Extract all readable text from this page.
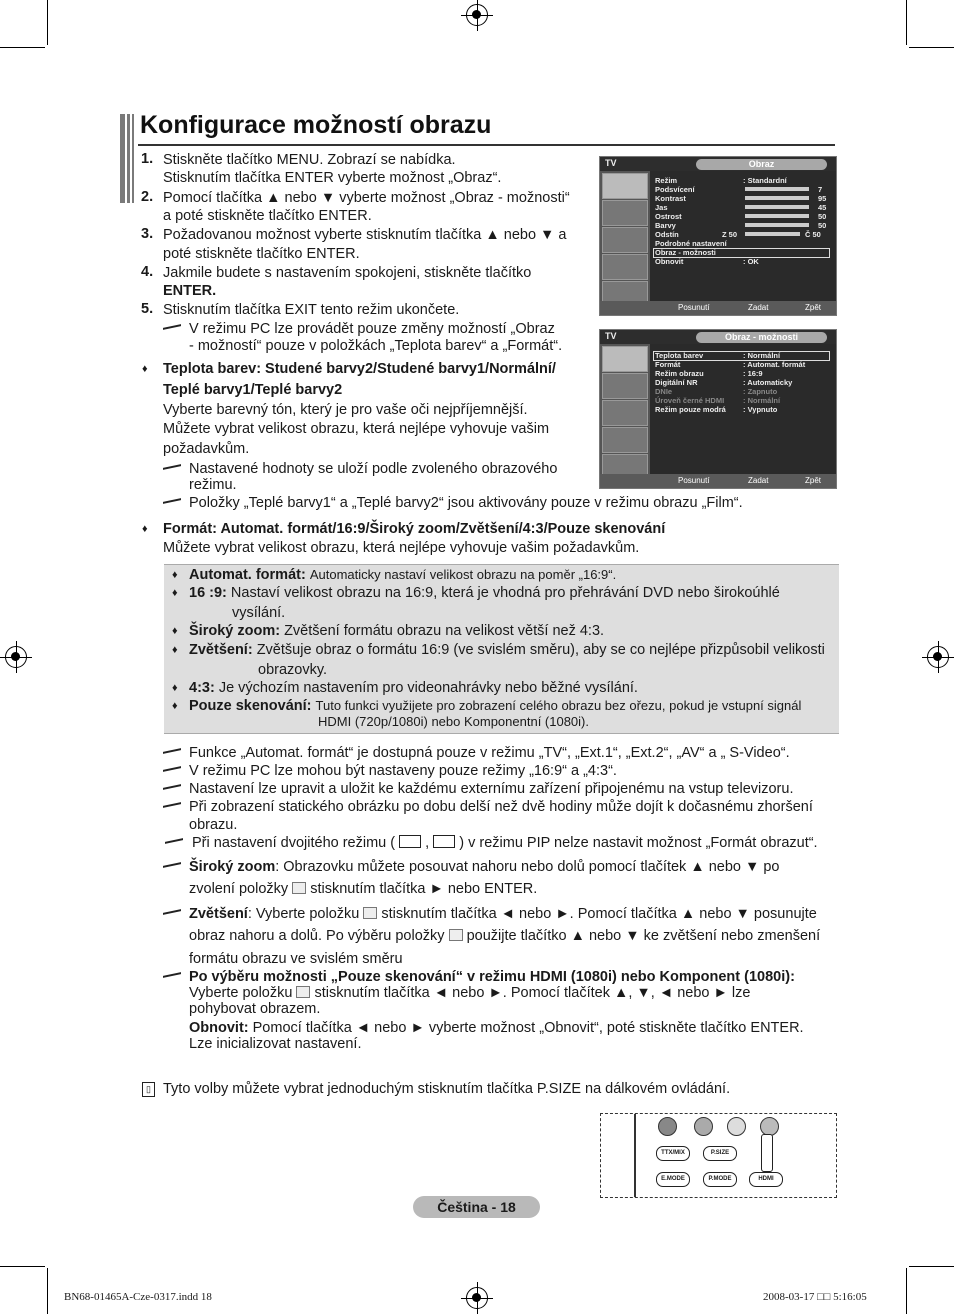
Konfigurace možností obrazu
1. Stiskněte tlačítko MENU. Zobrazí se nabídka.
Stisknutím tlačítka ENTER vyberte možnost „Obraz“.
2. Pomocí tlačítka ▲ nebo ▼ vyberte možnost „Obraz - možnosti“
a poté stiskněte tlačítko ENTER.
3. Požadovanou možnost vyberte stisknutím tlačítka ▲ nebo ▼ a
poté stiskněte tlačítko ENTER.
4. Jakmile budete s nastavením spokojeni, stiskněte tlačítko
ENTER.
5. Stisknutím tlačítka EXIT tento režim ukončete.
V režimu PC lze provádět pouze změny možností „Obraz
- možností“ pouze v položkách „Teplota barev“ a „Formát“.
♦ Teplota barev: Studené barvy2/Studené barvy1/Normální/
Teplé barvy1/Teplé barvy2
Vyberte barevný tón, který je pro vaše oči nejpříjemnější.
Můžete vybrat velikost obrazu, která nejlépe vyhovuje vašim
požadavkům.
Nastavené hodnoty se uloží podle zvoleného obrazového
režimu.
Položky „Teplé barvy1“ a „Teplé barvy2“ jsou aktivovány pouze v režimu obrazu „Film“.
♦ Formát: Automat. formát/16:9/Široký zoom/Zvětšení/4:3/Pouze skenování
Můžete vybrat velikost obrazu, která nejlépe vyhovuje vašim požadavkům.
♦ Automat. formát: Automaticky nastaví velikost obrazu na poměr „16:9“.
♦ 16 :9: Nastaví velikost obrazu na 16:9, která je vhodná pro přehrávání DVD nebo širokoúhlé
vysílání.
♦ Široký zoom: Zvětšení formátu obrazu na velikost větší než 4:3.
♦ Zvětšení: Zvětšuje obraz o formátu 16:9 (ve svislém směru), aby se co nejlépe přizpůsobil velikosti
obrazovky.
♦ 4:3: Je výchozím nastavením pro videonahrávky nebo běžné vysílání.
♦ Pouze skenování: Tuto funkci využijete pro zobrazení celého obrazu bez ořezu, pokud je vstupní signál
HDMI (720p/1080i) nebo Komponentní (1080i).
Funkce „Automat. formát“ je dostupná pouze v režimu „TV“, „Ext.1“, „Ext.2“, „AV“ a „ S-Video“.
V režimu PC lze mohou být nastaveny pouze režimy „16:9“ a „4:3“.
Nastavení lze upravit a uložit ke každému externímu zařízení připojenému na vstup televizoru.
Při zobrazení statického obrázku po dobu delší než dvě hodiny může dojít k dočasnému zhoršení
obrazu.
Při nastavení dvojitého režimu ( , ) v režimu PIP nelze nastavit možnost „Formát obrazut“.
Široký zoom: Obrazovku můžete posouvat nahoru nebo dolů pomocí tlačítek ▲ nebo ▼ po
zvolení položky stisknutím tlačítka ► nebo ENTER.
Zvětšení: Vyberte položku stisknutím tlačítka ◄ nebo ►. Pomocí tlačítka ▲ nebo ▼ posunujte
obraz nahoru a dolů. Po výběru položky použijte tlačítko ▲ nebo ▼ ke zvětšení nebo zmenšení
formátu obrazu ve svislém směru
Po výběru možnosti „Pouze skenování“ v režimu HDMI (1080i) nebo Komponent (1080i):
Vyberte položku stisknutím tlačítka ◄ nebo ►. Pomocí tlačítek ▲, ▼, ◄ nebo ► lze
pohybovat obrazem.
Obnovit: Pomocí tlačítka ◄ nebo ► vyberte možnost „Obnovit“, poté stiskněte tlačítko ENTER.
Lze inicializovat nastavení.
▯ Tyto volby můžete vybrat jednoduchým stisknutím tlačítka P.SIZE na dálkovém ovládání.
TV	Obraz
Režim	: Standardní
Podsvícení	7
Kontrast	95
Jas	45
Ostrost	50
Barvy	50
Odstín	Z 50	Č 50
Podrobné nastavení
Obraz - možnosti
Obnovit	: OK
Posunutí	Zadat	Zpět
TV	Obraz - možnosti
Teplota barev	: Normální
Formát	: Automat. formát
Režim obrazu	: 16:9
Digitální NR	: Automaticky
DNIe	: Zapnuto
Úroveň černé HDMI	: Normální
Režim pouze modrá : Vypnuto
Posunutí	Zadat	Zpět
TTX/MIX	P.SIZE
E.MODE	P.MODE	HDMI
Čeština - 18
BN68-01465A-Cze-0317.indd 18	2008-03-17 □□ 5:16:05
